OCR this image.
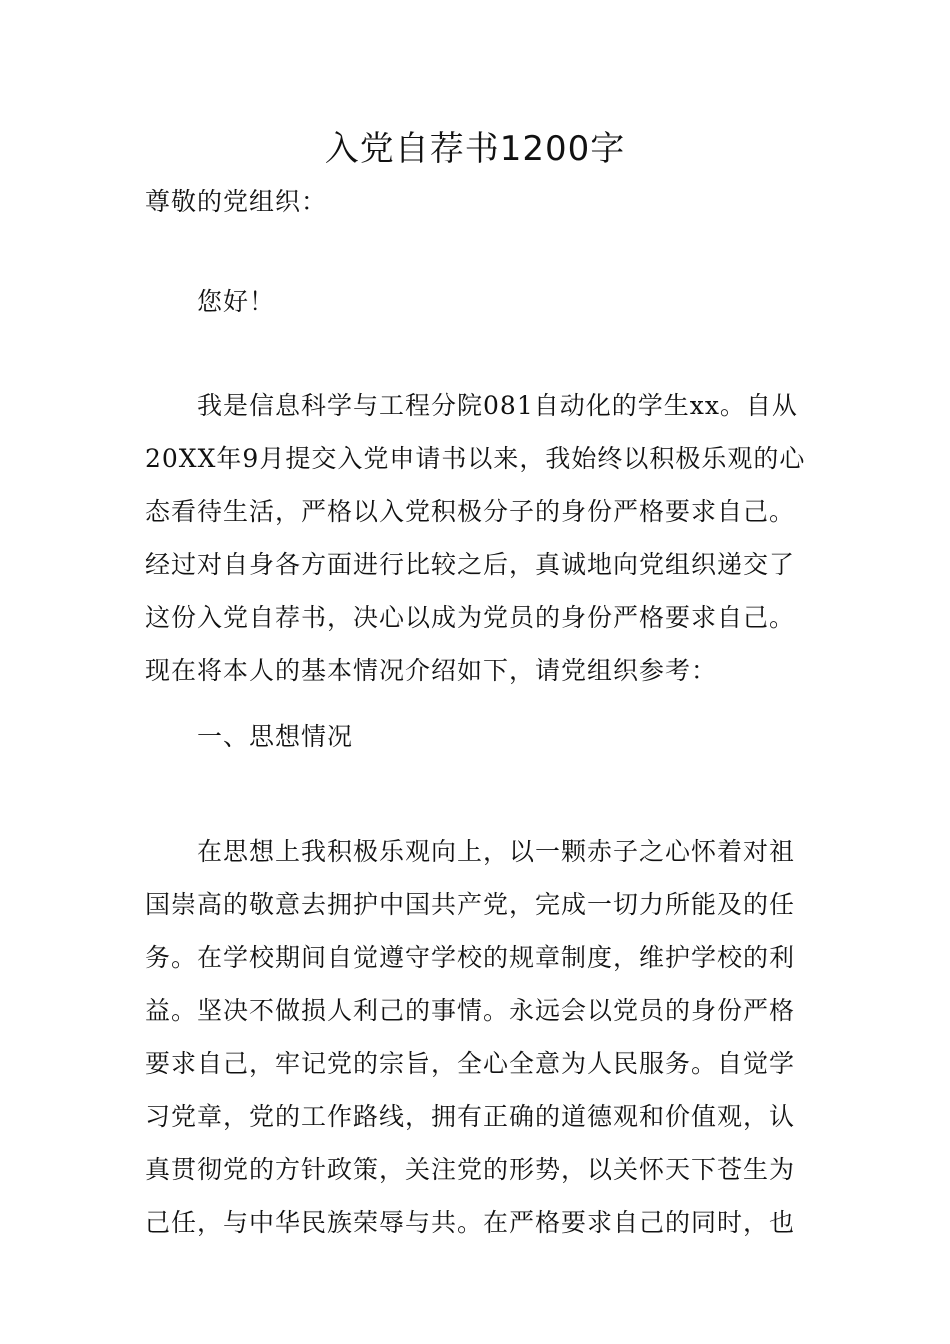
入党自荐书1200字

尊敬的党组织：

您好！

我是信息科学与工程分院081自动化的学生xx。自从
20XX年9月提交入党申请书以来，我始终以积极乐观的心
态看待生活，严格以入党积极分子的身份严格要求自己。
经过对自身各方面进行比较之后，真诚地向党组织递交了
这份入党自荐书，决心以成为党员的身份严格要求自己。
现在将本人的基本情况介绍如下，请党组织参考：

一、思想情况

在思想上我积极乐观向上，以一颗赤子之心怀着对祖
国崇高的敬意去拥护中国共产党，完成一切力所能及的任
务。在学校期间自觉遵守学校的规章制度，维护学校的利
益。坚决不做损人利己的事情。永远会以党员的身份严格
要求自己，牢记党的宗旨，全心全意为人民服务。自觉学
习党章，党的工作路线，拥有正确的道德观和价值观，认
真贯彻党的方针政策，关注党的形势，以关怀天下苍生为
己任，与中华民族荣辱与共。在严格要求自己的同时，也
